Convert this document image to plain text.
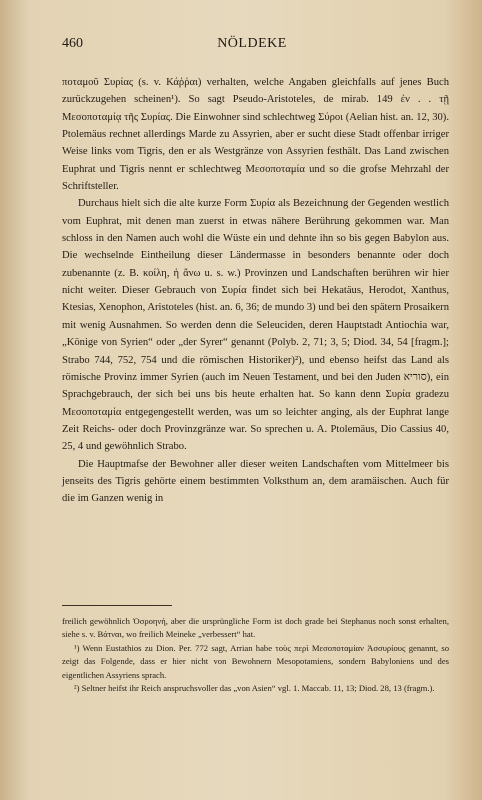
460	NÖLDEKE

ποταμοῦ Συρίας (s. v. Κάῤῥαι) verhalten, welche Angaben gleichfalls auf jenes Buch zurückzugehen scheinen¹). So sagt Pseudo-Aristoteles, de mirab. 149 ἐν . . τῇ Μεσοποταμίᾳ τῆς Συρίας. Die Einwohner sind schlechtweg Σύροι (Aelian hist. an. 12, 30). Ptolemäus rechnet allerdings Marde zu Assyrien, aber er sucht diese Stadt offenbar irriger Weise links vom Tigris, den er als Westgränze von Assyrien festhält. Das Land zwischen Euphrat und Tigris nennt er schlechtweg Μεσοποταμία und so die grofse Mehrzahl der Schriftsteller.

Durchaus hielt sich die alte kurze Form Συρία als Bezeichnung der Gegenden westlich vom Euphrat, mit denen man zuerst in etwas nähere Berührung gekommen war. Man schloss in den Namen auch wohl die Wüste ein und dehnte ihn so bis gegen Babylon aus. Die wechselnde Eintheilung dieser Ländermasse in besonders benannte oder doch zubenannte (z. B. κοίλη, ἡ ἄνω u. s. w.) Provinzen und Landschaften berühren wir hier nicht weiter. Dieser Gebrauch von Συρία findet sich bei Hekatäus, Herodot, Xanthus, Ktesias, Xenophon, Aristoteles (hist. an. 6, 36; de mundo 3) und bei den spätern Prosaikern mit wenig Ausnahmen. So werden denn die Seleuciden, deren Hauptstadt Antiochia war, „Könige von Syrien“ oder „der Syrer“ genannt (Polyb. 2, 71; 3, 5; Diod. 34, 54 [fragm.]; Strabo 744, 752, 754 und die römischen Historiker)²), und ebenso heifst das Land als römische Provinz immer Syrien (auch im Neuen Testament, und bei den Juden סוריא), ein Sprachgebrauch, der sich bei uns bis heute erhalten hat. So kann denn Συρία gradezu Μεσοποταμία entgegengestellt werden, was um so leichter anging, als der Euphrat lange Zeit Reichs- oder doch Provinzgränze war. So sprechen u. A. Ptolemäus, Dio Cassius 40, 25, 4 und gewöhnlich Strabo.

Die Hauptmafse der Bewohner aller dieser weiten Landschaften vom Mittelmeer bis jenseits des Tigris gehörte einem bestimmten Volksthum an, dem aramäischen. Auch für die im Ganzen wenig in

freilich gewöhnlich Ὀσροηνή, aber die ursprüngliche Form ist doch grade bei Stephanus noch sonst erhalten, siehe s. v. Βάτναι, wo freilich Meineke „verbessert“ hat.

¹) Wenn Eustathios zu Dion. Per. 772 sagt, Arrian habe τοὺς περὶ Μεσοποταμίαν Ἀσσυρίους genannt, so zeigt das Folgende, dass er hier nicht von Bewohnern Mesopotamiens, sondern Babyloniens und des eigentlichen Assyriens sprach.

²) Seltner heifst ihr Reich anspruchsvoller das „von Asien“ vgl. 1. Maccab. 11, 13; Diod. 28, 13 (fragm.).
